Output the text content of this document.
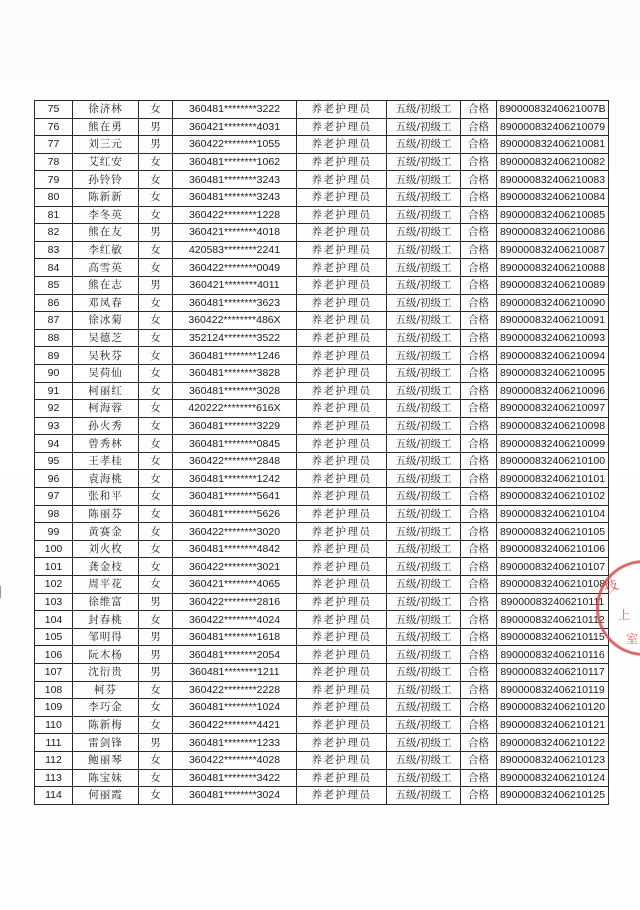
75	徐济林	女	360481********3222	养老护理员	五级/初级工	合格	89000083240621007B
76	熊在勇	男	360421********4031	养老护理员	五级/初级工	合格	890000832406210079
77	刘三元	男	360422********1055	养老护理员	五级/初级工	合格	890000832406210081
78	艾红安	女	360481********1062	养老护理员	五级/初级工	合格	890000832406210082
79	孙铃铃	女	360481********3243	养老护理员	五级/初级工	合格	890000832406210083
80	陈新新	女	360481********3243	养老护理员	五级/初级工	合格	890000832406210084
81	李冬英	女	360422********1228	养老护理员	五级/初级工	合格	890000832406210085
82	熊在友	男	360421********4018	养老护理员	五级/初级工	合格	890000832406210086
83	李红敏	女	420583********2241	养老护理员	五级/初级工	合格	890000832406210087
84	高雪英	女	360422********0049	养老护理员	五级/初级工	合格	890000832406210088
85	熊在志	男	360421********4011	养老护理员	五级/初级工	合格	890000832406210089
86	邓凤春	女	360481********3623	养老护理员	五级/初级工	合格	890000832406210090
87	徐冰菊	女	360422********486X	养老护理员	五级/初级工	合格	890000832406210091
88	吴德芝	女	352124********3522	养老护理员	五级/初级工	合格	890000832406210093
89	吴秋芬	女	360481********1246	养老护理员	五级/初级工	合格	890000832406210094
90	吴荷仙	女	360481********3828	养老护理员	五级/初级工	合格	890000832406210095
91	柯丽红	女	360481********3028	养老护理员	五级/初级工	合格	890000832406210096
92	柯海蓉	女	420222********616X	养老护理员	五级/初级工	合格	890000832406210097
93	孙火秀	女	360481********3229	养老护理员	五级/初级工	合格	890000832406210098
94	曾秀林	女	360481********0845	养老护理员	五级/初级工	合格	890000832406210099
95	王孝桂	女	360422********2848	养老护理员	五级/初级工	合格	890000832406210100
96	袁海桃	女	360481********1242	养老护理员	五级/初级工	合格	890000832406210101
97	张和平	女	360481********5641	养老护理员	五级/初级工	合格	890000832406210102
98	陈丽芬	女	360481********5626	养老护理员	五级/初级工	合格	890000832406210104
99	黄赛金	女	360422********3020	养老护理员	五级/初级工	合格	890000832406210105
100	刘火枚	女	360481********4842	养老护理员	五级/初级工	合格	890000832406210106
101	龚金枝	女	360422********3021	养老护理员	五级/初级工	合格	890000832406210107
102	周平花	女	360421********4065	养老护理员	五级/初级工	合格	890000832406210108
103	徐维富	男	360422********2816	养老护理员	五级/初级工	合格	890000832406210111
104	封春桃	女	360422********4024	养老护理员	五级/初级工	合格	890000832406210112
105	邹明得	男	360481********1618	养老护理员	五级/初级工	合格	890000832406210115
106	阮木杨	男	360481********2054	养老护理员	五级/初级工	合格	890000832406210116
107	沈衍贵	男	360481********1211	养老护理员	五级/初级工	合格	890000832406210117
108	柯芬	女	360422********2228	养老护理员	五级/初级工	合格	890000832406210119
109	李巧金	女	360481********1024	养老护理员	五级/初级工	合格	890000832406210120
110	陈新梅	女	360422********4421	养老护理员	五级/初级工	合格	890000832406210121
111	雷剑锋	男	360481********1233	养老护理员	五级/初级工	合格	890000832406210122
112	鲍丽琴	女	360422********4028	养老护理员	五级/初级工	合格	890000832406210123
113	陈宝妹	女	360481********3422	养老护理员	五级/初级工	合格	890000832406210124
114	何丽霞	女	360481********3024	养老护理员	五级/初级工	合格	890000832406210125
技
上
室
